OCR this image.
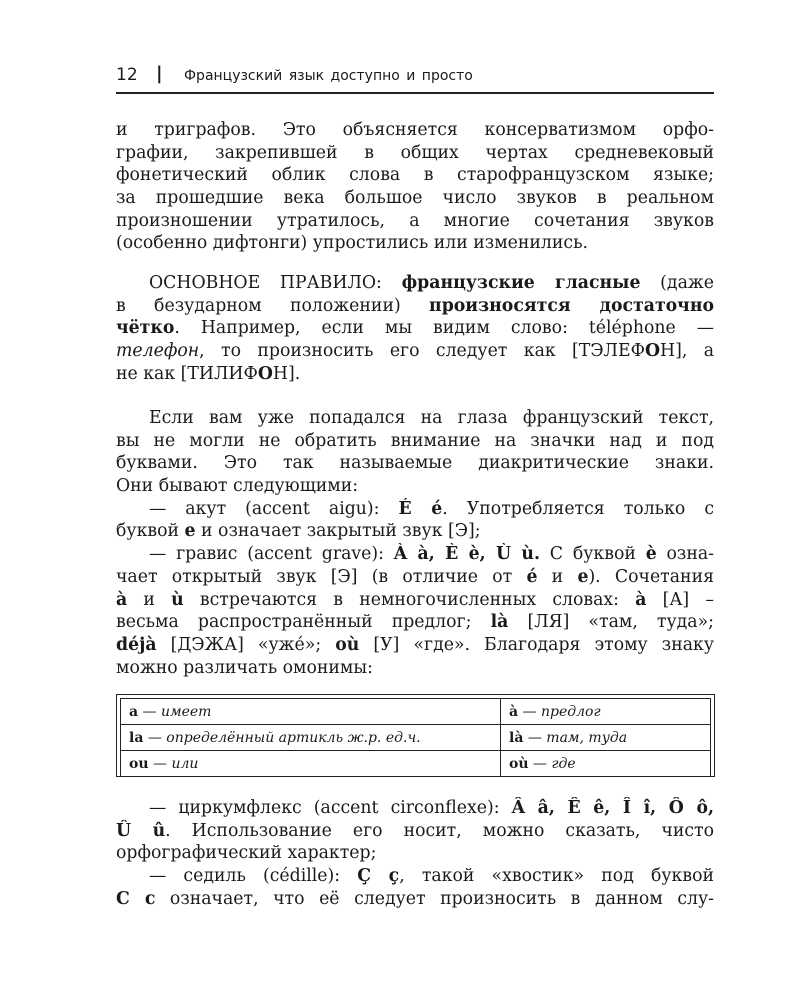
12 | Французский язык доступно и просто
и триграфов. Это объясняется консерватизмом орфо-
графии, закрепившей в общих чертах средневековый
фонетический облик слова в старофранцузском языке;
за прошедшие века большое число звуков в реальном
произношении утратилось, а многие сочетания звуков
(особенно дифтонги) упростились или изменились.
ОСНОВНОЕ ПРАВИЛО: французские гласные (даже
в безударном положении) произносятся достаточно
чётко. Например, если мы видим слово: téléphone —
телефон, то произносить его следует как [ТЭЛЕФОН], а
не как [ТИЛИФОН].
Если вам уже попадался на глаза французский текст,
вы не могли не обратить внимание на значки над и под
буквами. Это так называемые диакритические знаки.
Они бывают следующими:
— акут (accent aigu): É é. Употребляется только с
буквой е и означает закрытый звук [Э];
— гравис (accent grave): À à, È è, Ù ù. С буквой è озна-
чает открытый звук [Э] (в отличие от é и e). Сочетания
à и ù встречаются в немногочисленных словах: à [А] –
весьма распространённый предлог; là [ЛЯ] «там, туда»;
déjà [ДЭЖА] «ужé»; où [У] «где». Благодаря этому знаку
можно различать омонимы:
a — имеет	à — предлог
la — определённый артикль ж.р. ед.ч.	là — там, туда
ou — или	où — где
— циркумфлекс (accent circonflexe): Â â, Ê ê, Î î, Ô ô,
Û û. Использование его носит, можно сказать, чисто
орфографический характер;
— седиль (cédille): Ç ç, такой «хвостик» под буквой
С с означает, что её следует произносить в данном слу-
